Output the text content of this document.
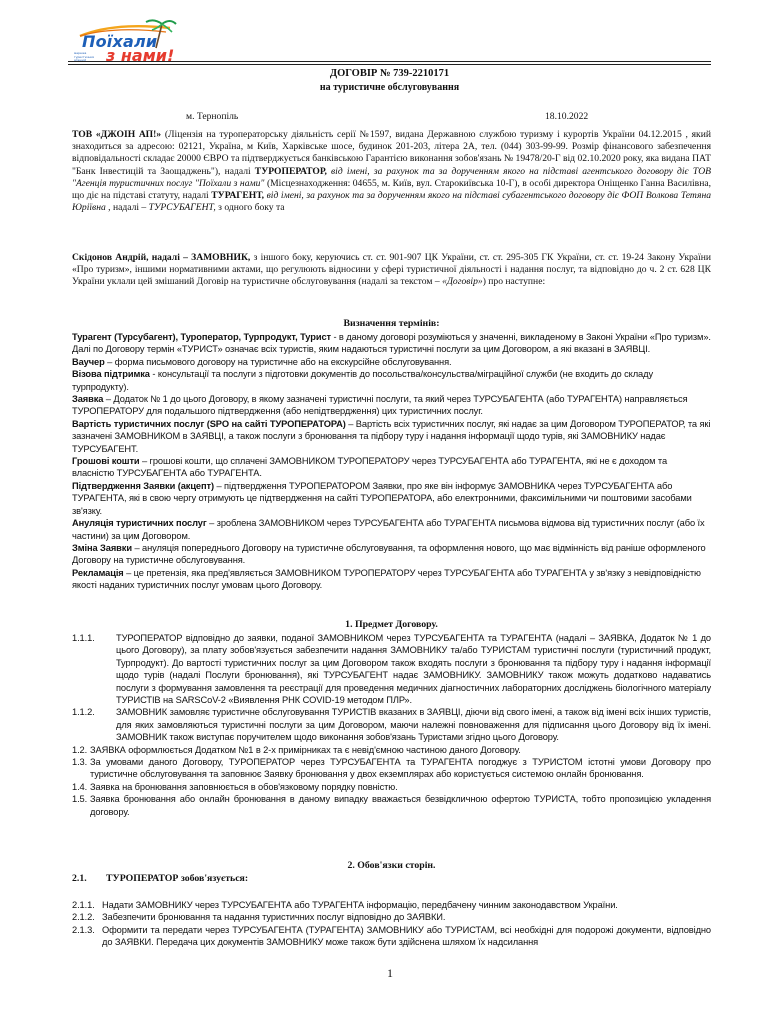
Поїхали
з нами!
мережа туристичних агенцій
ДОГОВІР № 739-2210171
на туристичне обслуговування
м. Тернопіль	18.10.2022

ТОВ «ДЖОІН АП!» (Ліцензія на туроператорську діяльність серії №1597, видана Державною службою туризму і курортів України 04.12.2015 , який знаходиться за адресою: 02121, Україна, м Київ, Харківське шосе, будинок 201-203, літера 2А, тел. (044) 303-99-99. Розмір фінансового забезпечення відповідальності складає 20000 ЄВРО та підтверджується банківською Гарантією виконання зобов'язань № 19478/20-Г від 02.10.2020 року, яка видана ПАТ "Банк Інвестицій та Заощаджень"), надалі ТУРОПЕРАТОР, від імені, за рахунок та за дорученням якого на підставі агентського договору діє ТОВ "Агенція туристичних послуг "Поїхали з нами" (Місцезнаходження: 04655, м. Київ, вул. Старокиївська 10-Г), в особі директора Оніщенко Ганна Василівна, що діє на підставі статуту, надалі ТУРАГЕНТ, від імені, за рахунок та за дорученням якого на підставі субагентського договору діє ФОП Волкова Тетяна Юріївна , надалі – ТУРСУБАГЕНТ, з одного боку та

Скідонов Андрій, надалі – ЗАМОВНИК, з іншого боку, керуючись ст. ст. 901-907 ЦК України, ст. ст. 295-305 ГК України, ст. ст. 19-24 Закону України «Про туризм», іншими нормативними актами, що регулюють відносини у сфері туристичної діяльності і надання послуг, та відповідно до ч. 2 ст. 628 ЦК України уклали цей змішаний Договір на туристичне обслуговування (надалі за текстом – «Договір») про наступне:

Визначення термінів:

Турагент (Турсубагент), Туроператор, Турпродукт, Турист - в даному договорі розуміються у значенні, викладеному в Законі України «Про туризм». Далі по Договору термін «ТУРИСТ» означає всіх туристів, яким надаються туристичні послуги за цим Договором, а які вказані в ЗАЯВЦІ.

Ваучер – форма письмового договору на туристичне або на екскурсійне обслуговування.

Візова підтримка - консультації та послуги з підготовки документів до посольства/консульства/міграційної служби (не входить до складу турпродукту).

Заявка – Додаток № 1 до цього Договору, в якому зазначені туристичні послуги, та який через ТУРСУБАГЕНТА (або ТУРАГЕНТА) направляється ТУРОПЕРАТОРУ для подальшого підтвердження (або непідтвердження) цих туристичних послуг.

Вартість туристичних послуг (SPO на сайті ТУРОПЕРАТОРА) – Вартість всіх туристичних послуг, які надає за цим Договором ТУРОПЕРАТОР, та які зазначені ЗАМОВНИКОМ в ЗАЯВЦІ, а також послуги з бронювання та підбору туру і надання інформації щодо турів, які ЗАМОВНИКУ надає ТУРСУБАГЕНТ.

Грошові кошти – грошові кошти, що сплачені ЗАМОВНИКОМ ТУРОПЕРАТОРУ через ТУРСУБАГЕНТА або ТУРАГЕНТА, які не є доходом та власністю ТУРСУБАГЕНТА або ТУРАГЕНТА.

Підтвердження Заявки (акцепт) – підтвердження ТУРОПЕРАТОРОМ Заявки, про яке він інформує ЗАМОВНИКА через ТУРСУБАГЕНТА або ТУРАГЕНТА, які в свою чергу отримують це підтвердження на сайті ТУРОПЕРАТОРА, або електронними, факсимільними чи поштовими засобами зв'язку.

Ануляція туристичних послуг – зроблена ЗАМОВНИКОМ через ТУРСУБАГЕНТА або ТУРАГЕНТА письмова відмова від туристичних послуг (або їх частини) за цим Договором.

Зміна Заявки – ануляція попереднього Договору на туристичне обслуговування, та оформлення нового, що має відмінність від раніше оформленого Договору на туристичне обслуговування.

Рекламація – це претензія, яка пред'являється ЗАМОВНИКОМ ТУРОПЕРАТОРУ через ТУРСУБАГЕНТА або ТУРАГЕНТА у зв'язку з невідповідністю якості наданих туристичних послуг умовам цього Договору.

1. Предмет Договору.
1.1.1.	ТУРОПЕРАТОР відповідно до заявки, поданої ЗАМОВНИКОМ через ТУРСУБАГЕНТА та ТУРАГЕНТА (надалі – ЗАЯВКА, Додаток № 1 до цього Договору), за плату зобов'язується забезпечити надання ЗАМОВНИКУ та/або ТУРИСТАМ туристичні послуги (туристичний продукт, Турпродукт). До вартості туристичних послуг за цим Договором також входять послуги з бронювання та підбору туру і надання інформації щодо турів (надалі Послуги бронювання), які ТУРСУБАГЕНТ надає ЗАМОВНИКУ. ЗАМОВНИКУ також можуть додатково надаватись послуги з формування замовлення та реєстрації для проведення медичних діагностичних лабораторних досліджень біологічного матеріалу ТУРИСТІВ на SARSCoV-2 «Виявлення РНК COVID-19 методом ПЛР».

1.1.2.	ЗАМОВНИК замовляє туристичне обслуговування ТУРИСТІВ вказаних в ЗАЯВЦІ, діючи від свого імені, а також від імені всіх інших туристів, для яких замовляються туристичні послуги за цим Договором, маючи належні повноваження для підписання цього Договору від їх імені. ЗАМОВНИК також виступає поручителем щодо виконання зобов'язань Туристами згідно цього Договору.

1.2. ЗАЯВКА оформлюється Додатком №1 в 2-х примірниках та є невід'ємною частиною даного Договору.

1.3. За умовами даного Договору, ТУРОПЕРАТОР через ТУРСУБАГЕНТА та ТУРАГЕНТА погоджує з ТУРИСТОМ істотні умови Договору про туристичне обслуговування та заповнює Заявку бронювання у двох екземплярах або користується системою онлайн бронювання.

1.4. Заявка на бронювання заповнюється в обов'язковому порядку повністю.

1.5. Заявка бронювання або онлайн бронювання в даному випадку вважається безвідкличною офертою ТУРИСТА, тобто пропозицією укладення договору.

2. Обов'язки сторін.
2.1. ТУРОПЕРАТОР зобов'язується:
2.1.1. Надати ЗАМОВНИКУ через ТУРСУБАГЕНТА або ТУРАГЕНТА інформацію, передбачену чинним законодавством України.

2.1.2. Забезпечити бронювання та надання туристичних послуг відповідно до ЗАЯВКИ.

2.1.3. Оформити та передати через ТУРСУБАГЕНТА (ТУРАГЕНТА) ЗАМОВНИКУ або ТУРИСТАМ, всі необхідні для подорожі документи, відповідно до ЗАЯВКИ. Передача цих документів ЗАМОВНИКУ може також бути здійснена шляхом їх надсилання

1
